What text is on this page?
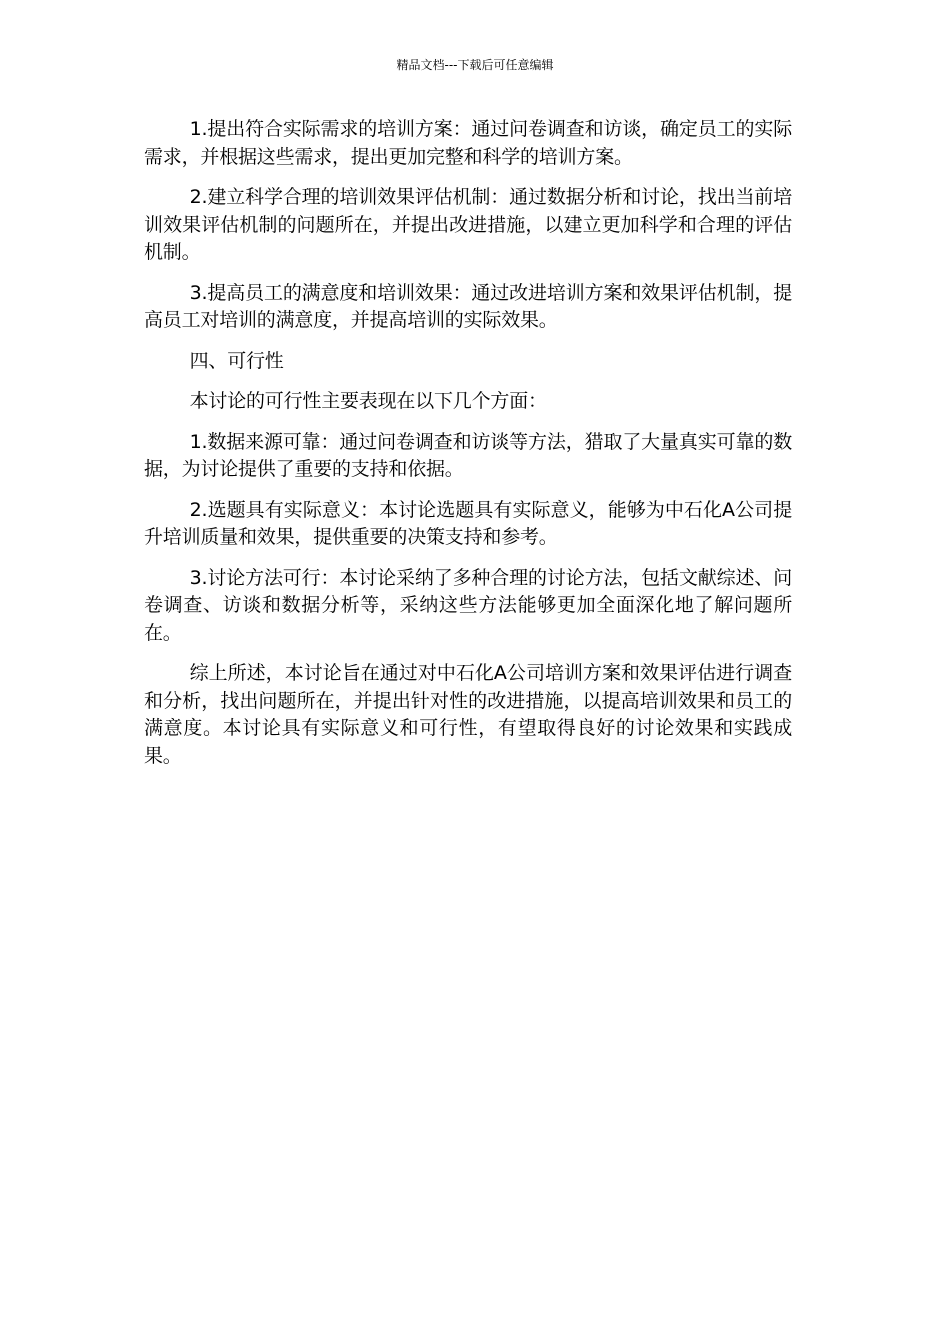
精品文档---下载后可任意编辑

1.提出符合实际需求的培训方案：通过问卷调查和访谈，确定员工的实际需求，并根据这些需求，提出更加完整和科学的培训方案。

2.建立科学合理的培训效果评估机制：通过数据分析和讨论，找出当前培训效果评估机制的问题所在，并提出改进措施，以建立更加科学和合理的评估机制。

3.提高员工的满意度和培训效果：通过改进培训方案和效果评估机制，提高员工对培训的满意度，并提高培训的实际效果。

四、可行性

本讨论的可行性主要表现在以下几个方面：

1.数据来源可靠：通过问卷调查和访谈等方法，猎取了大量真实可靠的数据，为讨论提供了重要的支持和依据。

2.选题具有实际意义：本讨论选题具有实际意义，能够为中石化A公司提升培训质量和效果，提供重要的决策支持和参考。

3.讨论方法可行：本讨论采纳了多种合理的讨论方法，包括文献综述、问卷调查、访谈和数据分析等，采纳这些方法能够更加全面深化地了解问题所在。

综上所述，本讨论旨在通过对中石化A公司培训方案和效果评估进行调查和分析，找出问题所在，并提出针对性的改进措施，以提高培训效果和员工的满意度。本讨论具有实际意义和可行性，有望取得良好的讨论效果和实践成果。
